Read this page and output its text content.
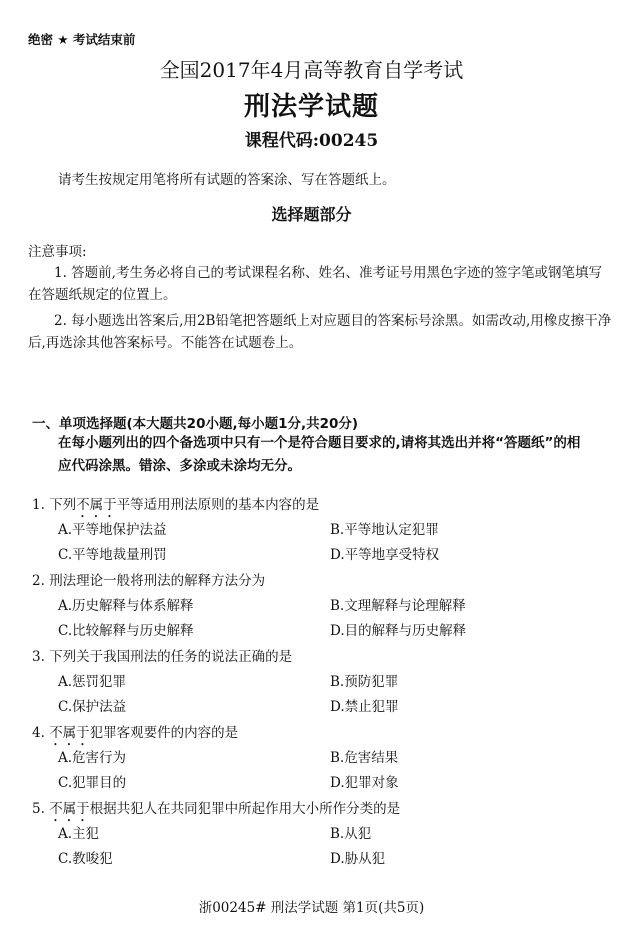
绝密 ★ 考试结束前
全国2017年4月高等教育自学考试
刑法学试题
课程代码:00245
请考生按规定用笔将所有试题的答案涂、写在答题纸上。
选择题部分
注意事项:
1. 答题前,考生务必将自己的考试课程名称、姓名、准考证号用黑色字迹的签字笔或钢笔填写在答题纸规定的位置上。
2. 每小题选出答案后,用2B铅笔把答题纸上对应题目的答案标号涂黑。如需改动,用橡皮擦干净后,再选涂其他答案标号。不能答在试题卷上。
一、单项选择题(本大题共20小题,每小题1分,共20分)
在每小题列出的四个备选项中只有一个是符合题目要求的,请将其选出并将“答题纸”的相应代码涂黑。错涂、多涂或未涂均无分。
1. 下列不属于平等适用刑法原则的基本内容的是
A.平等地保护法益	B.平等地认定犯罪
C.平等地裁量刑罚	D.平等地享受特权
2. 刑法理论一般将刑法的解释方法分为
A.历史解释与体系解释	B.文理解释与论理解释
C.比较解释与历史解释	D.目的解释与历史解释
3. 下列关于我国刑法的任务的说法正确的是
A.惩罚犯罪	B.预防犯罪
C.保护法益	D.禁止犯罪
4. 不属于犯罪客观要件的内容的是
A.危害行为	B.危害结果
C.犯罪目的	D.犯罪对象
5. 不属于根据共犯人在共同犯罪中所起作用大小所作分类的是
A.主犯	B.从犯
C.教唆犯	D.胁从犯
浙00245# 刑法学试题 第1页(共5页)
